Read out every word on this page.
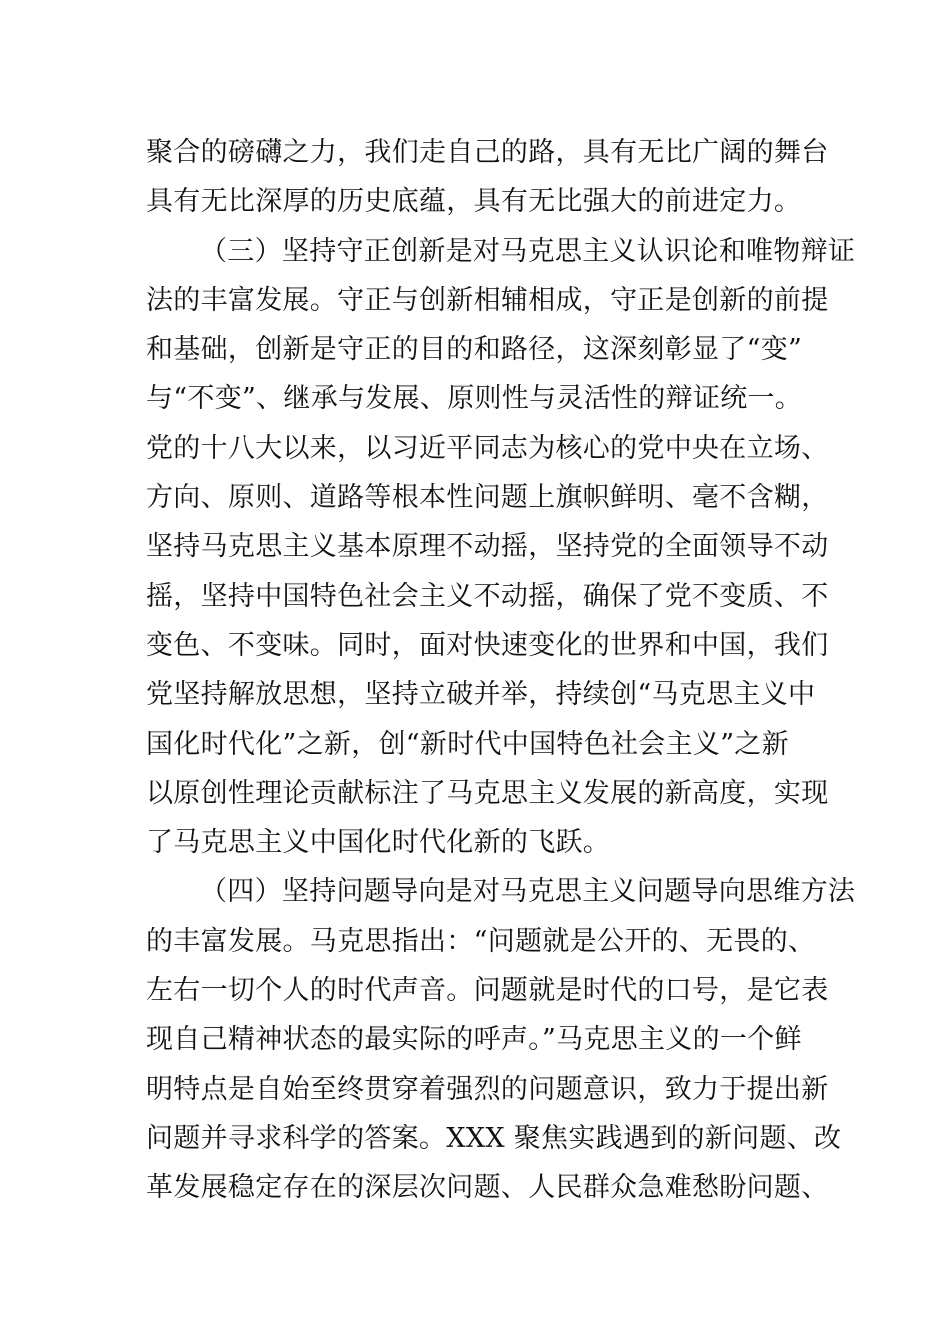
聚合的磅礴之力，我们走自己的路，具有无比广阔的舞台
具有无比深厚的历史底蕴，具有无比强大的前进定力。
（三）坚持守正创新是对马克思主义认识论和唯物辩证
法的丰富发展。守正与创新相辅相成，守正是创新的前提
和基础，创新是守正的目的和路径，这深刻彰显了“变”
与“不变”、继承与发展、原则性与灵活性的辩证统一。
党的十八大以来，以习近平同志为核心的党中央在立场、
方向、原则、道路等根本性问题上旗帜鲜明、毫不含糊，
坚持马克思主义基本原理不动摇，坚持党的全面领导不动
摇，坚持中国特色社会主义不动摇，确保了党不变质、不
变色、不变味。同时，面对快速变化的世界和中国，我们
党坚持解放思想，坚持立破并举，持续创“马克思主义中
国化时代化”之新，创“新时代中国特色社会主义”之新
以原创性理论贡献标注了马克思主义发展的新高度，实现
了马克思主义中国化时代化新的飞跃。
（四）坚持问题导向是对马克思主义问题导向思维方法
的丰富发展。马克思指出：“问题就是公开的、无畏的、
左右一切个人的时代声音。问题就是时代的口号，是它表
现自己精神状态的最实际的呼声。”马克思主义的一个鲜
明特点是自始至终贯穿着强烈的问题意识，致力于提出新
问题并寻求科学的答案。XXX 聚焦实践遇到的新问题、改
革发展稳定存在的深层次问题、人民群众急难愁盼问题、
